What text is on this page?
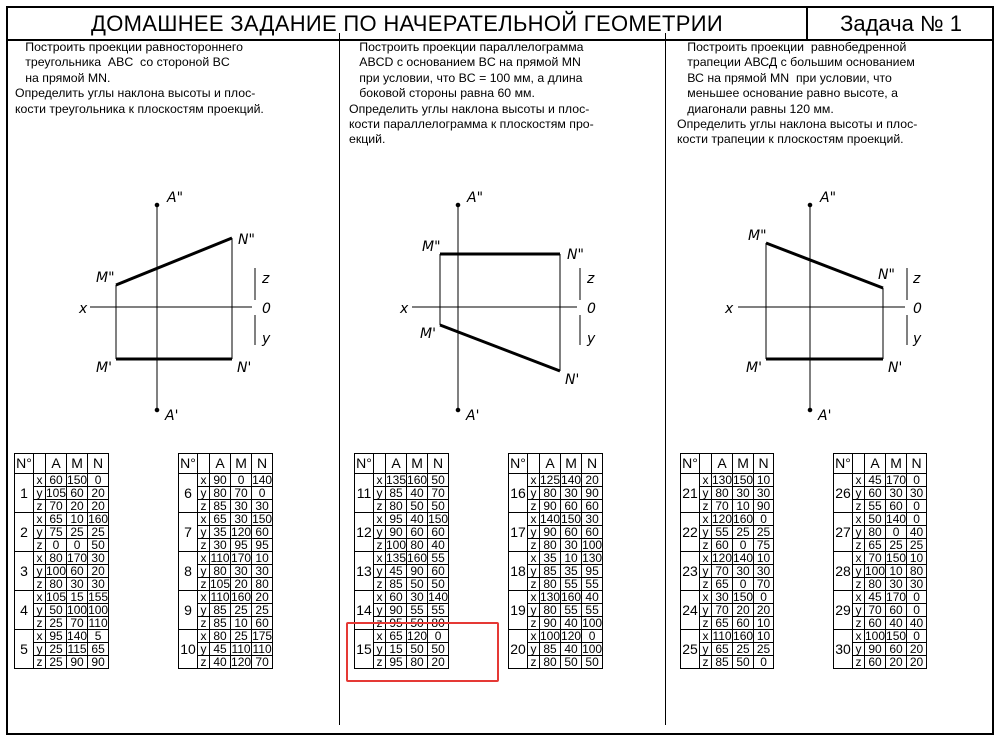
ДОМАШНЕЕ ЗАДАНИЕ ПО НАЧЕРАТЕЛЬНОЙ ГЕОМЕТРИИ	Задача № 1
Построить проекции равностороннего
треугольника  ABC  со стороной BC
на прямой MN.
Определить углы наклона высоты и плос-
кости треугольника к плоскостям проекций.
Построить проекции параллелограмма
ABCD с основанием BC на прямой MN
при условии, что BC = 100 мм, а длина
боковой стороны равна 60 мм.
Определить углы наклона высоты и плос-
кости параллелограмма к плоскостям про-
екций.
Построить проекции  равнобедренной
трапеции АВСД с большим основанием
ВС на прямой MN  при условии, что
меньшее основание равно высоте, а
диагонали равны 120 мм.
Определить углы наклона высоты и плос-
кости трапеции к плоскостям проекций.
A"
A'
M"
M'
N"
N'
x
z
0
y
A"
A'
M"
M'
N"
N'
x
z
0
y
A"
A'
M"
M'
N"
N'
x
z
0
y
N°		A	M	N
1	x	60	150	0
	y	105	60	20
	z	70	20	20
2	x	65	10	160
	y	75	25	25
	z	0	0	50
3	x	80	170	30
	y	100	60	20
	z	80	30	30
4	x	105	15	155
	y	50	100	100
	z	25	70	110
5	x	95	140	5
	y	25	115	65
	z	25	90	90
N°		A	M	N
6	x	90	0	140
	y	80	70	0
	z	85	30	30
7	x	65	30	150
	y	35	120	60
	z	30	95	95
8	x	110	170	10
	y	80	30	30
	z	105	20	80
9	x	110	160	20
	y	85	25	25
	z	85	10	60
10	x	80	25	175
	y	45	110	110
	z	40	120	70
N°		A	M	N
11	x	135	160	50
	y	85	40	70
	z	80	50	50
12	x	95	40	150
	y	90	60	60
	z	100	80	40
13	x	135	160	55
	y	45	90	60
	z	85	50	50
14	x	60	30	140
	y	90	55	55
	z	95	50	80
15	x	65	120	0
	y	15	50	50
	z	95	80	20
N°		A	M	N
16	x	125	140	20
	y	80	30	90
	z	90	60	60
17	x	140	150	30
	y	90	60	60
	z	80	30	100
18	x	35	10	130
	y	85	35	95
	z	80	55	55
19	x	130	160	40
	y	80	55	55
	z	90	40	100
20	x	100	120	0
	y	85	40	100
	z	80	50	50
N°		A	M	N
21	x	130	150	10
	y	80	30	30
	z	70	10	90
22	x	120	160	0
	y	55	25	25
	z	60	0	75
23	x	120	140	10
	y	70	30	30
	z	65	0	70
24	x	30	150	0
	y	70	20	20
	z	65	60	10
25	x	110	160	10
	y	65	25	25
	z	85	50	0
N°		A	M	N
26	x	45	170	0
	y	60	30	30
	z	55	60	0
27	x	50	140	0
	y	80	0	40
	z	65	25	25
28	x	70	150	10
	y	100	10	80
	z	80	30	30
29	x	45	170	0
	y	70	60	0
	z	60	40	40
30	x	100	150	0
	y	90	60	20
	z	60	20	20
